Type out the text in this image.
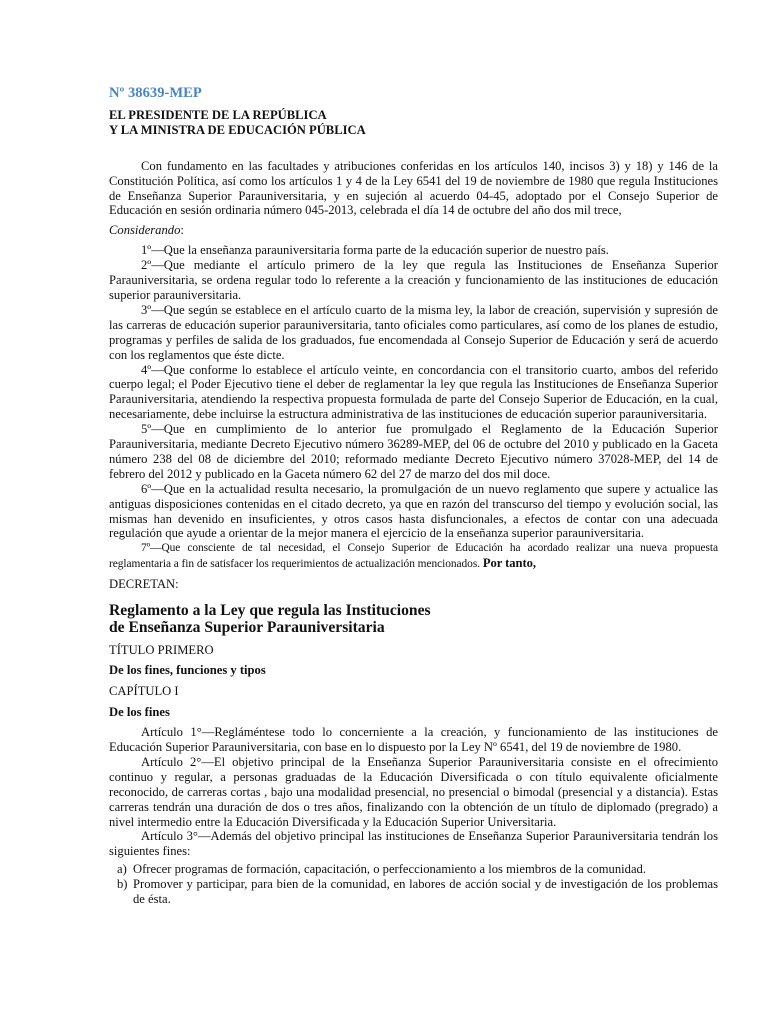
Nº 38639-MEP
EL PRESIDENTE DE LA REPÚBLICA
Y LA MINISTRA DE EDUCACIÓN PÚBLICA

Con fundamento en las facultades y atribuciones conferidas en los artículos 140, incisos 3) y 18) y 146 de la Constitución Política, así como los artículos 1 y 4 de la Ley 6541 del 19 de noviembre de 1980 que regula Instituciones de Enseñanza Superior Parauniversitaria, y en sujeción al acuerdo 04-45, adoptado por el Consejo Superior de Educación en sesión ordinaria número 045-2013, celebrada el día 14 de octubre del año dos mil trece,

Considerando:

1º—Que la enseñanza parauniversitaria forma parte de la educación superior de nuestro país.

2º—Que mediante el artículo primero de la ley que regula las Instituciones de Enseñanza Superior Parauniversitaria, se ordena regular todo lo referente a la creación y funcionamiento de las instituciones de educación superior parauniversitaria.

3º—Que según se establece en el artículo cuarto de la misma ley, la labor de creación, supervisión y supresión de las carreras de educación superior parauniversitaria, tanto oficiales como particulares, así como de los planes de estudio, programas y perfiles de salida de los graduados, fue encomendada al Consejo Superior de Educación y será de acuerdo con los reglamentos que éste dicte.

4º—Que conforme lo establece el artículo veinte, en concordancia con el transitorio cuarto, ambos del referido cuerpo legal; el Poder Ejecutivo tiene el deber de reglamentar la ley que regula las Instituciones de Enseñanza Superior Parauniversitaria, atendiendo la respectiva propuesta formulada de parte del Consejo Superior de Educación, en la cual, necesariamente, debe incluirse la estructura administrativa de las instituciones de educación superior parauniversitaria.

5º—Que en cumplimiento de lo anterior fue promulgado el Reglamento de la Educación Superior Parauniversitaria, mediante Decreto Ejecutivo número 36289-MEP, del 06 de octubre del 2010 y publicado en la Gaceta número 238 del 08 de diciembre del 2010; reformado mediante Decreto Ejecutivo número 37028-MEP, del 14 de febrero del 2012 y publicado en la Gaceta número 62 del 27 de marzo del dos mil doce.

6º—Que en la actualidad resulta necesario, la promulgación de un nuevo reglamento que supere y actualice las antiguas disposiciones contenidas en el citado decreto, ya que en razón del transcurso del tiempo y evolución social, las mismas han devenido en insuficientes, y otros casos hasta disfuncionales, a efectos de contar con una adecuada regulación que ayude a orientar de la mejor manera el ejercicio de la enseñanza superior parauniversitaria.

7º—Que consciente de tal necesidad, el Consejo Superior de Educación ha acordado realizar una nueva propuesta reglamentaria a fin de satisfacer los requerimientos de actualización mencionados. Por tanto,

DECRETAN:
Reglamento a la Ley que regula las Instituciones
de Enseñanza Superior Parauniversitaria
TÍTULO PRIMERO
De los fines, funciones y tipos
CAPÍTULO I
De los fines

Artículo 1°—Regláméntese todo lo concerniente a la creación, y funcionamiento de las instituciones de Educación Superior Parauniversitaria, con base en lo dispuesto por la Ley Nº 6541, del 19 de noviembre de 1980.

Artículo 2°—El objetivo principal de la Enseñanza Superior Parauniversitaria consiste en el ofrecimiento continuo y regular, a personas graduadas de la Educación Diversificada o con título equivalente oficialmente reconocido, de carreras cortas , bajo una modalidad presencial, no presencial o bimodal (presencial y a distancia). Estas carreras tendrán una duración de dos o tres años, finalizando con la obtención de un título de diplomado (pregrado) a nivel intermedio entre la Educación Diversificada y la Educación Superior Universitaria.

Artículo 3°—Además del objetivo principal las instituciones de Enseñanza Superior Parauniversitaria tendrán los siguientes fines:

a) Ofrecer programas de formación, capacitación, o perfeccionamiento a los miembros de la comunidad.
b) Promover y participar, para bien de la comunidad, en labores de acción social y de investigación de los problemas de ésta.
